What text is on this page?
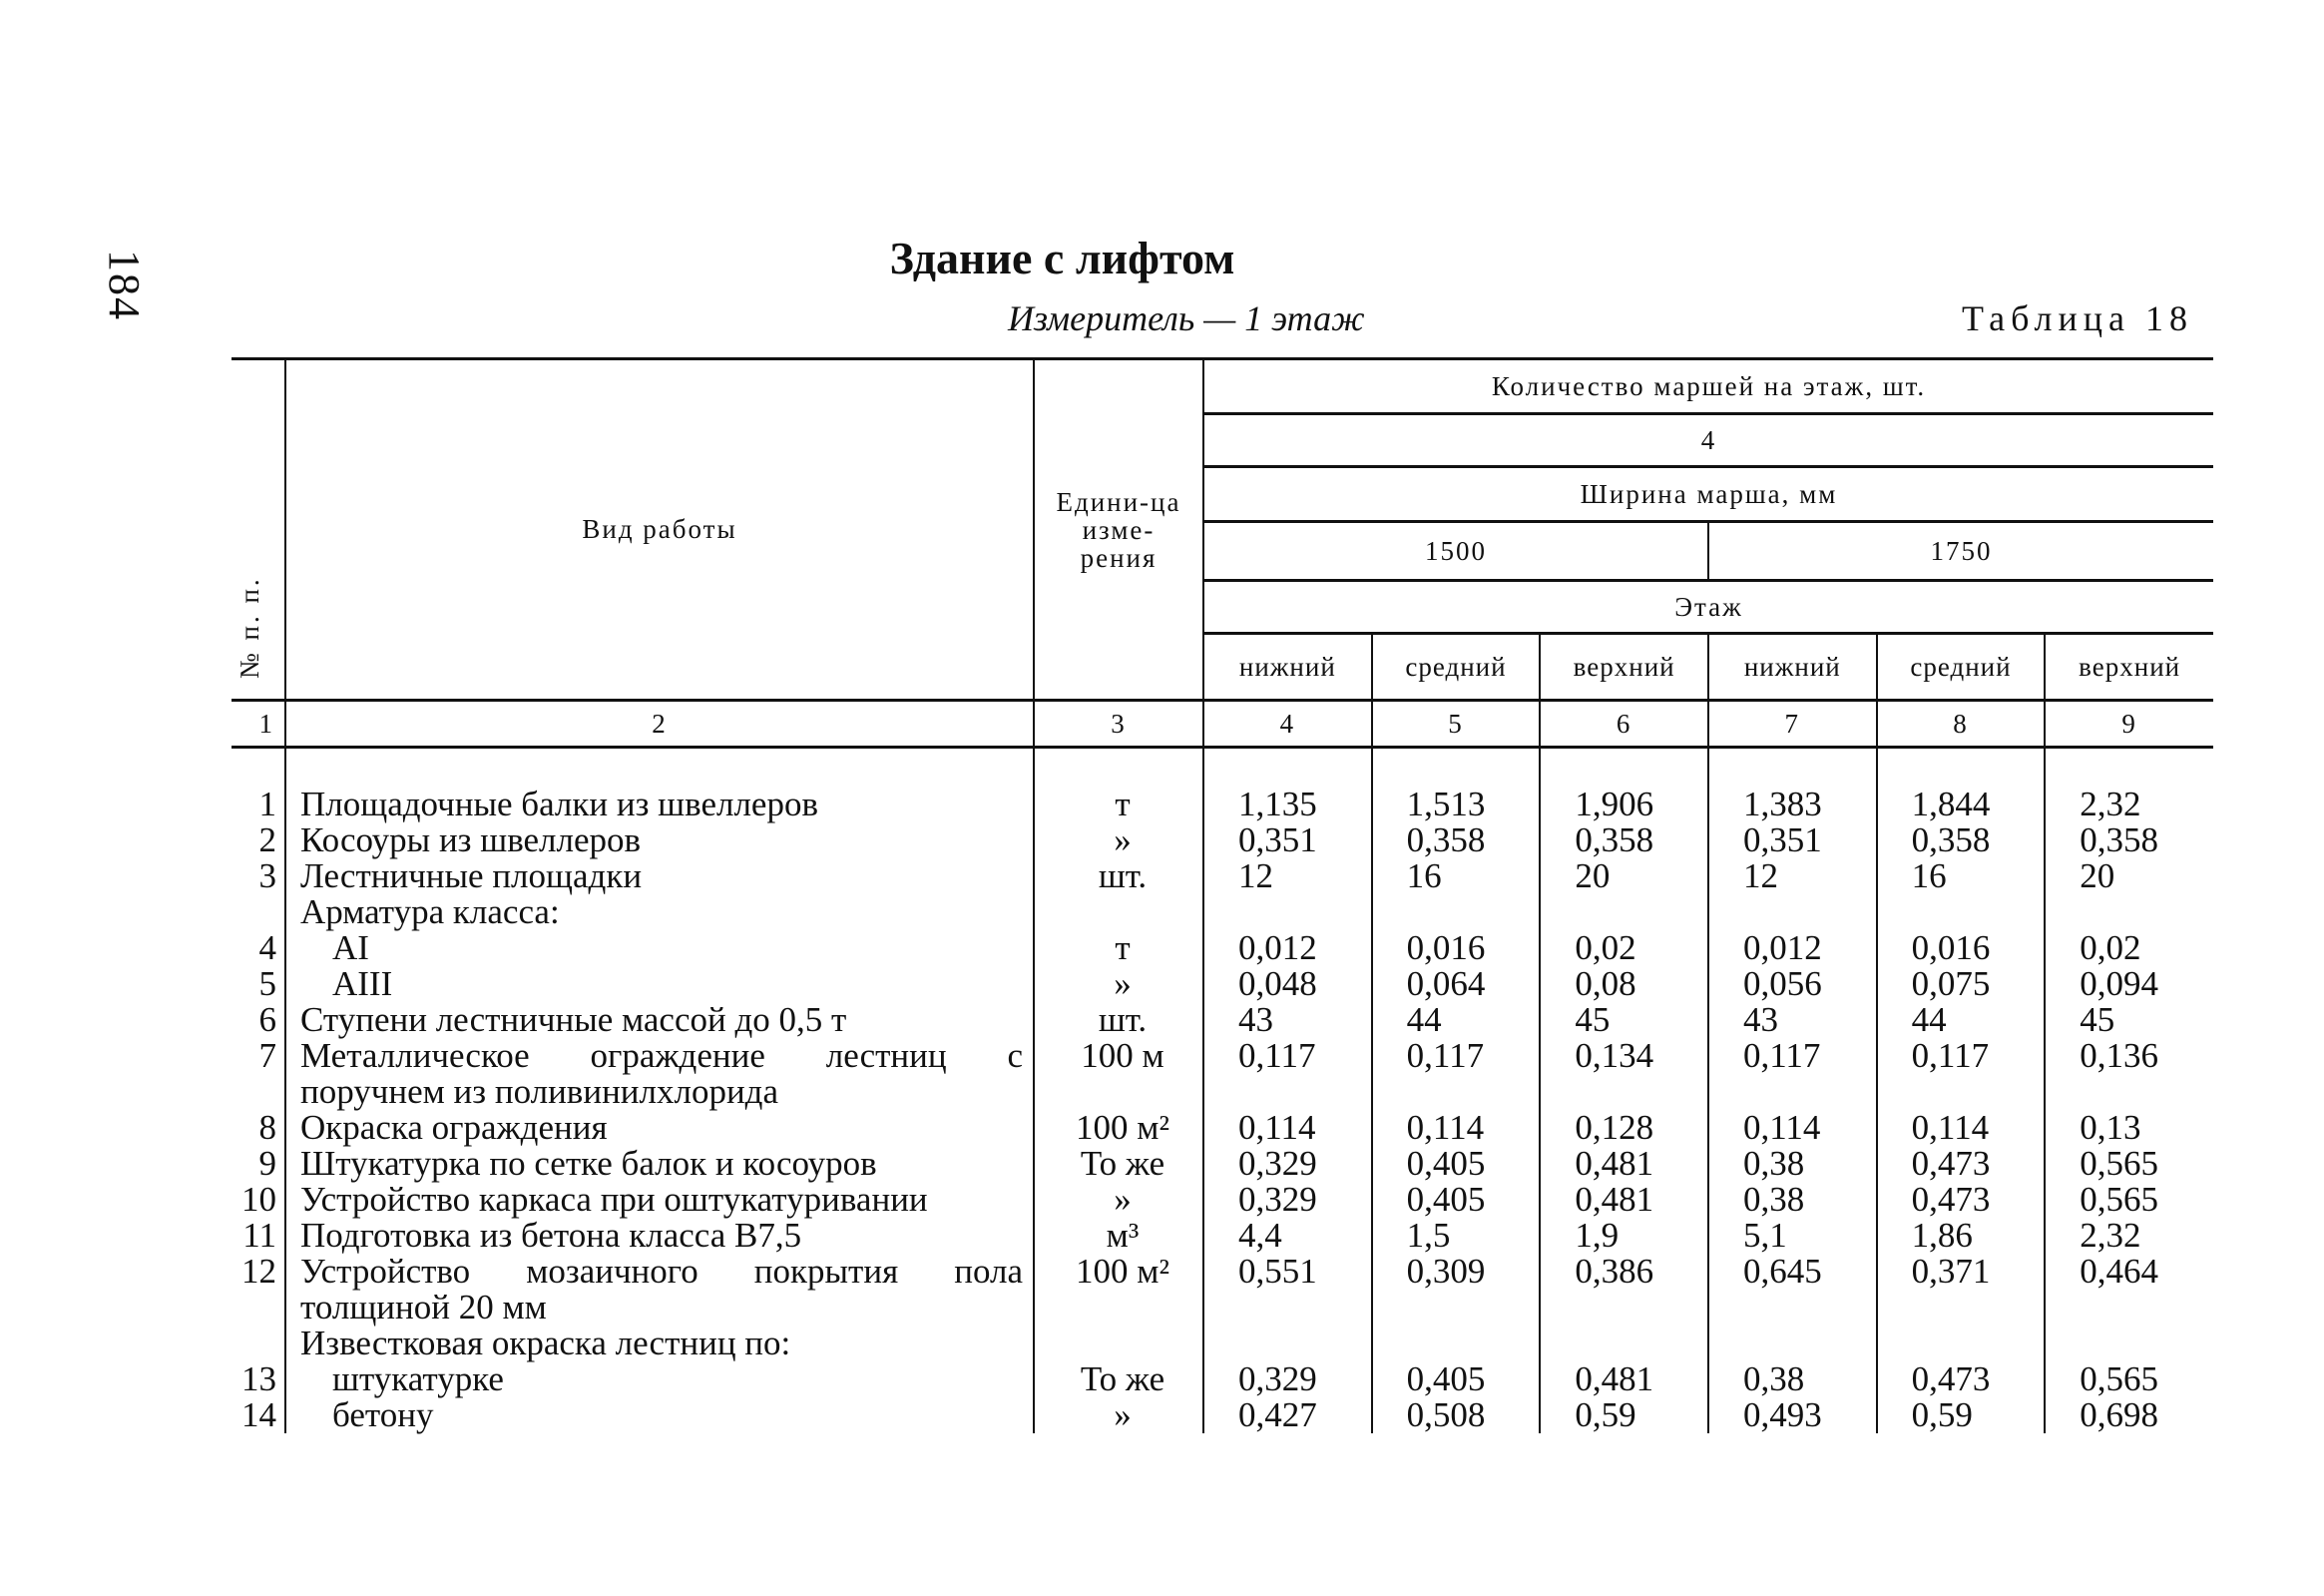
184	Здание с лифтом
Измеритель — 1 этаж	Таблица 18
№ п. п.	Вид работы	Едини-ца изме-рения	Количество маршей на этаж, шт.					
			4					
			Ширина марша, мм					
			1500			1750		
			Этаж					
			нижний	средний	верхний	нижний	средний	верхний
1	2	3	4	5	6	7	8	9
1	Площадочные балки из швеллеров	т	1,135	1,513	1,906	1,383	1,844	2,32
2	Косоуры из швеллеров	»	0,351	0,358	0,358	0,351	0,358	0,358
3	Лестничные площадки	шт.	12	16	20	12	16	20
	Арматура класса:							
4	AI	т	0,012	0,016	0,02	0,012	0,016	0,02
5	AIII	»	0,048	0,064	0,08	0,056	0,075	0,094
6	Ступени лестничные массой до 0,5 т	шт.	43	44	45	43	44	45
7	Металлическое ограждение лестниц с	100 м	0,117	0,117	0,134	0,117	0,117	0,136
	поручнем из поливинилхлорида							
8	Окраска ограждения	100 м²	0,114	0,114	0,128	0,114	0,114	0,13
9	Штукатурка по сетке балок и косоуров	То же	0,329	0,405	0,481	0,38	0,473	0,565
10	Устройство каркаса при оштукатуривании	»	0,329	0,405	0,481	0,38	0,473	0,565
11	Подготовка из бетона класса В7,5	м³	4,4	1,5	1,9	5,1	1,86	2,32
12	Устройство мозаичного покрытия пола	100 м²	0,551	0,309	0,386	0,645	0,371	0,464
	толщиной 20 мм							
	Известковая окраска лестниц по:							
13	штукатурке	То же	0,329	0,405	0,481	0,38	0,473	0,565
14	бетону	»	0,427	0,508	0,59	0,493	0,59	0,698
